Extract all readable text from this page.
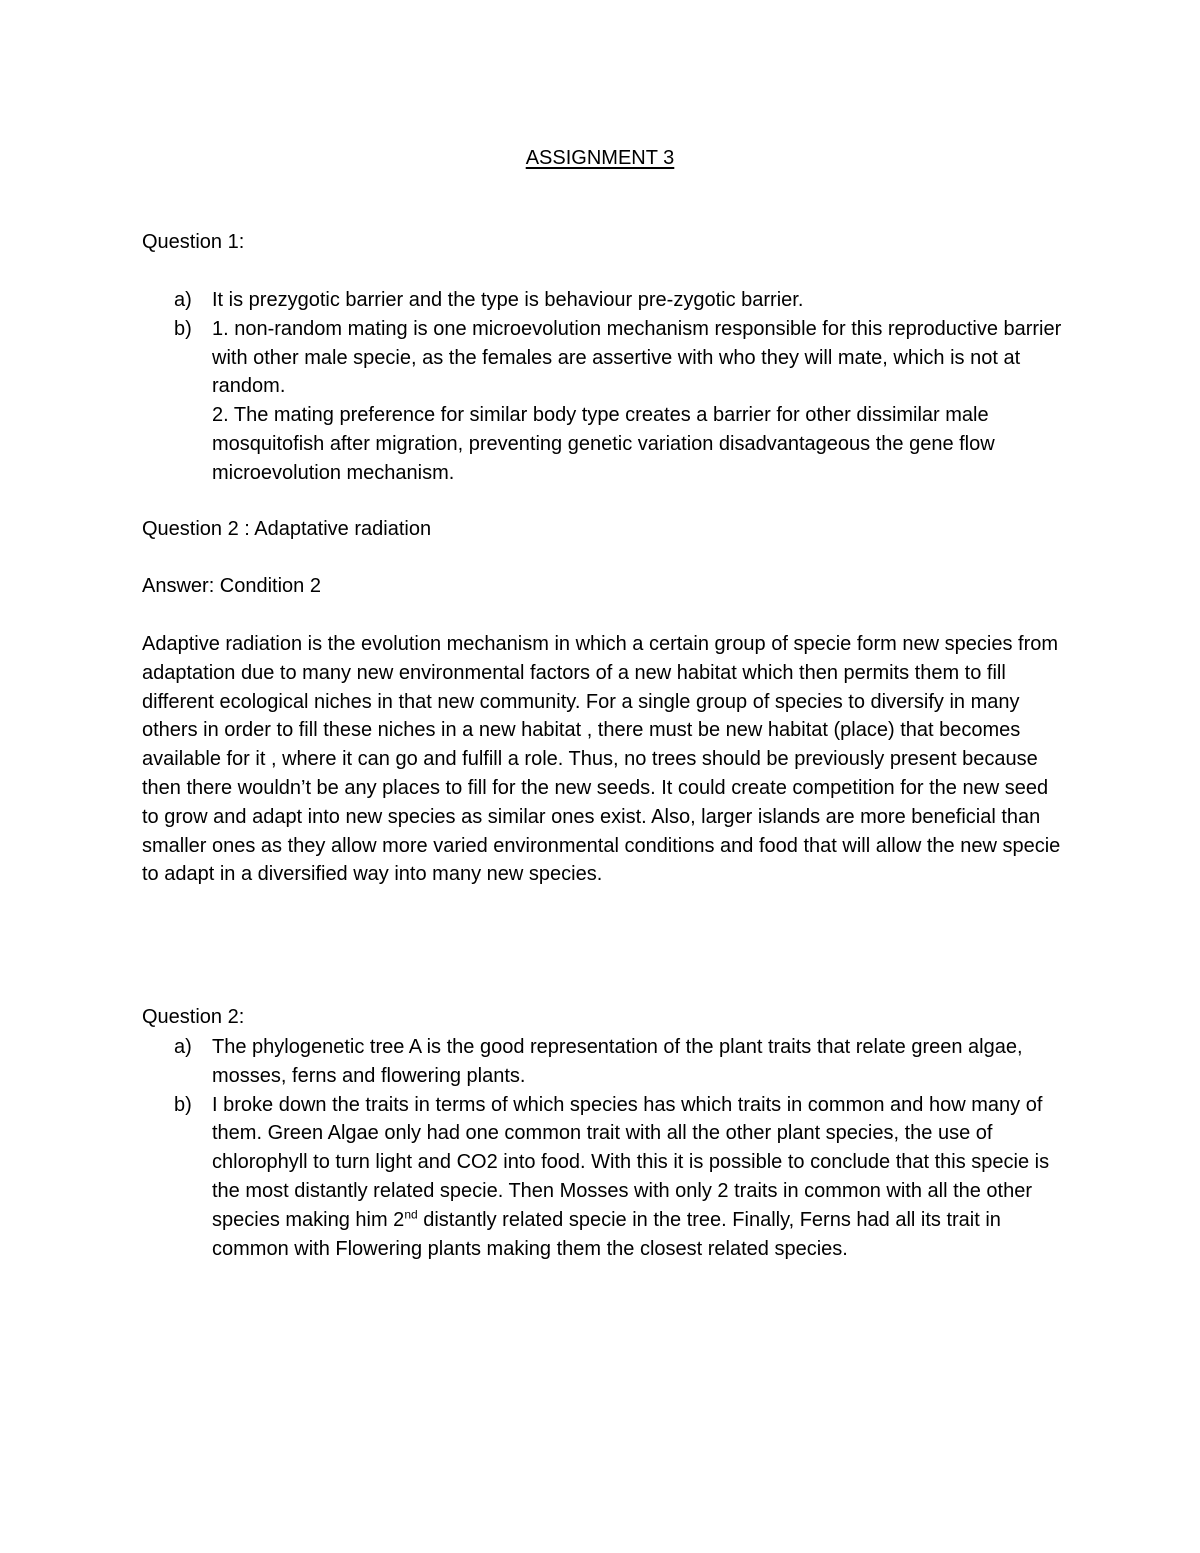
ASSIGNMENT 3

Question 1:

a) It is prezygotic barrier and the type is behaviour pre-zygotic barrier.
b) 1. non-random mating is one microevolution mechanism responsible for this reproductive barrier with other male specie, as the females are assertive with who they will mate, which is not at random.
2. The mating preference for similar body type creates a barrier for other dissimilar male mosquitofish after migration, preventing genetic variation disadvantageous the gene flow microevolution mechanism.

Question 2 : Adaptative radiation

Answer: Condition 2

Adaptive radiation is the evolution mechanism in which a certain group of specie form new species from adaptation due to many new environmental factors of a new habitat which then permits them to fill different ecological niches in that new community. For a single group of species to diversify in many others in order to fill these niches in a new habitat , there must be new habitat (place) that becomes available for it , where it can go and fulfill a role. Thus, no trees should be previously present because then there wouldn’t be any places to fill for the new seeds. It could create competition for the new seed to grow and adapt into new species as similar ones exist. Also, larger islands are more beneficial than smaller ones as they allow more varied environmental conditions and food that will allow the new specie to adapt in a diversified way into many new species.

Question 2:

a) The phylogenetic tree A is the good representation of the plant traits that relate green algae, mosses, ferns and flowering plants.
b) I broke down the traits in terms of which species has which traits in common and how many of them. Green Algae only had one common trait with all the other plant species, the use of chlorophyll to turn light and CO2 into food. With this it is possible to conclude that this specie is the most distantly related specie. Then Mosses with only 2 traits in common with all the other species making him 2nd distantly related specie in the tree. Finally, Ferns had all its trait in common with Flowering plants making them the closest related species.
